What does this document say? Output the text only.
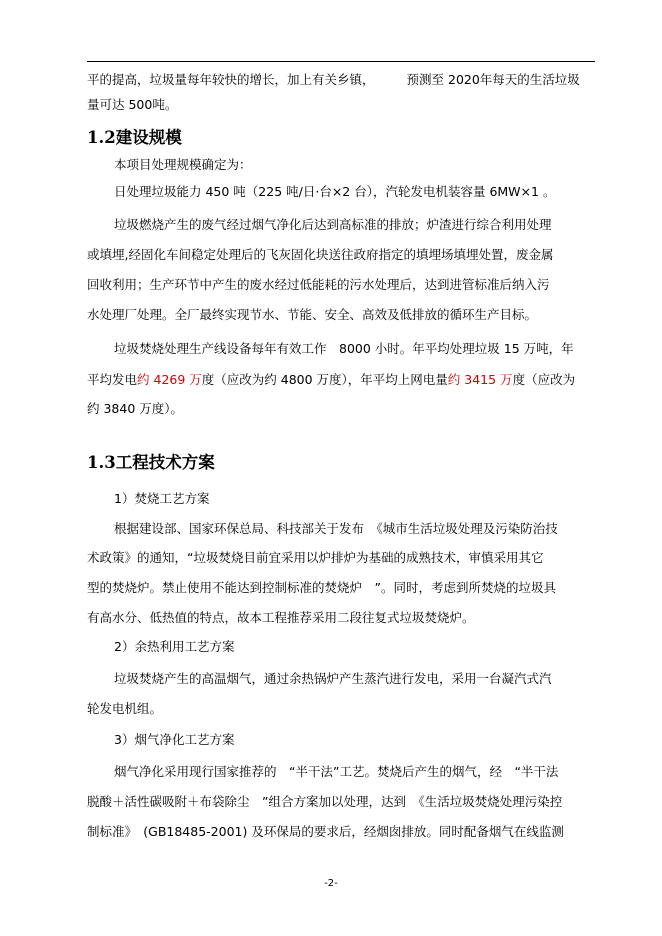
平的提高，垃圾量每年较快的增长，加上有关乡镇，	预测至 2020年每天的生活垃圾
量可达 500吨。
1.2建设规模
本项目处理规模确定为：
日处理垃圾能力 450 吨（225 吨/日·台×2 台），汽轮发电机装容量 6MW×1 。
垃圾燃烧产生的废气经过烟气净化后达到高标准的排放；炉渣进行综合利用处理
或填埋,经固化车间稳定处理后的飞灰固化块送往政府指定的填埋场填埋处置，废金属
回收利用；生产环节中产生的废水经过低能耗的污水处理后，达到进管标准后纳入污
水处理厂处理。全厂最终实现节水、节能、安全、高效及低排放的循环生产目标。
垃圾焚烧处理生产线设备每年有效工作　8000 小时。年平均处理垃圾 15 万吨，年
平均发电约 4269 万度（应改为约 4800 万度），年平均上网电量约 3415 万度（应改为
约 3840 万度）。
1.3工程技术方案
1）焚烧工艺方案
根据建设部、国家环保总局、科技部关于发布　《城市生活垃圾处理及污染防治技
术政策》的通知，“垃圾焚烧目前宜采用以炉排炉为基础的成熟技术，审慎采用其它
型的焚烧炉。禁止使用不能达到控制标准的焚烧炉　”。同时，考虑到所焚烧的垃圾具
有高水分、低热值的特点，故本工程推荐采用二段往复式垃圾焚烧炉。
2）余热利用工艺方案
垃圾焚烧产生的高温烟气，通过余热锅炉产生蒸汽进行发电，采用一台凝汽式汽
轮发电机组。
3）烟气净化工艺方案
烟气净化采用现行国家推荐的　“半干法”工艺。焚烧后产生的烟气，经　“半干法
脱酸＋活性碳吸附＋布袋除尘　”组合方案加以处理，达到　《生活垃圾焚烧处理污染控
制标准》　(GB18485-2001) 及环保局的要求后，经烟囱排放。同时配备烟气在线监测
-2-
